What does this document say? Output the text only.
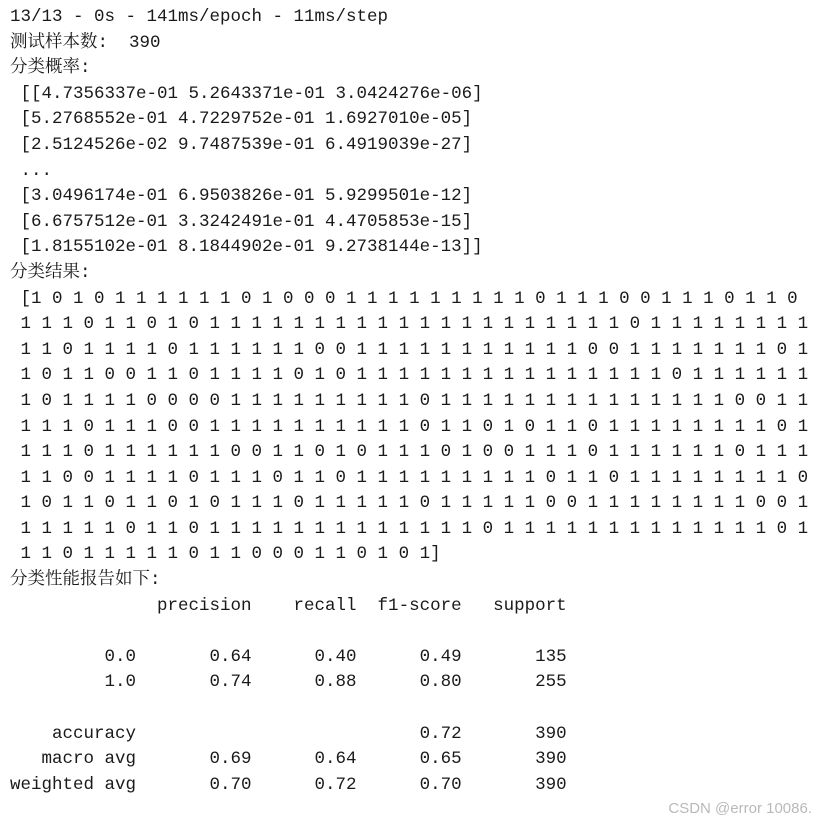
13/13 - 0s - 141ms/epoch - 11ms/step
测试样本数:  390
分类概率:
[[4.7356337e-01 5.2643371e-01 3.0424276e-06]
[5.2768552e-01 4.7229752e-01 1.6927010e-05]
[2.5124526e-02 9.7487539e-01 6.4919039e-27]
...
[3.0496174e-01 6.9503826e-01 5.9299501e-12]
[6.6757512e-01 3.3242491e-01 4.4705853e-15]
[1.8155102e-01 8.1844902e-01 9.2738144e-13]]
分类结果:
[1 0 1 0 1 1 1 1 1 1 0 1 0 0 0 1 1 1 1 1 1 1 1 1 0 1 1 1 0 0 1 1 1 0 1 1 0
1 1 1 0 1 1 0 1 0 1 1 1 1 1 1 1 1 1 1 1 1 1 1 1 1 1 1 1 1 0 1 1 1 1 1 1 1 1
1 1 0 1 1 1 1 0 1 1 1 1 1 1 0 0 1 1 1 1 1 1 1 1 1 1 1 0 0 1 1 1 1 1 1 1 0 1
1 0 1 1 0 0 1 1 0 1 1 1 1 0 1 0 1 1 1 1 1 1 1 1 1 1 1 1 1 1 1 0 1 1 1 1 1 1
1 0 1 1 1 1 0 0 0 0 1 1 1 1 1 1 1 1 1 0 1 1 1 1 1 1 1 1 1 1 1 1 1 1 0 0 1 1
1 1 1 0 1 1 1 0 0 1 1 1 1 1 1 1 1 1 1 0 1 1 0 1 0 1 1 0 1 1 1 1 1 1 1 1 0 1
1 1 1 0 1 1 1 1 1 1 0 0 1 1 0 1 0 1 1 1 0 1 0 0 1 1 1 0 1 1 1 1 1 1 0 1 1 1
1 1 0 0 1 1 1 1 0 1 1 1 0 1 1 0 1 1 1 1 1 1 1 1 1 0 1 1 0 1 1 1 1 1 1 1 1 0
1 0 1 1 0 1 1 0 1 0 1 1 1 0 1 1 1 1 1 0 1 1 1 1 1 0 0 1 1 1 1 1 1 1 1 0 0 1
1 1 1 1 1 0 1 1 0 1 1 1 1 1 1 1 1 1 1 1 1 1 0 1 1 1 1 1 1 1 1 1 1 1 1 1 0 1
1 1 0 1 1 1 1 1 0 1 1 0 0 0 1 1 0 1 0 1]
分类性能报告如下:
precision    recall  f1-score   support
0.0       0.64      0.40      0.49       135
1.0       0.74      0.88      0.80       255
accuracy                           0.72       390
macro avg       0.69      0.64      0.65       390
weighted avg       0.70      0.72      0.70       390
CSDN @error 10086.
